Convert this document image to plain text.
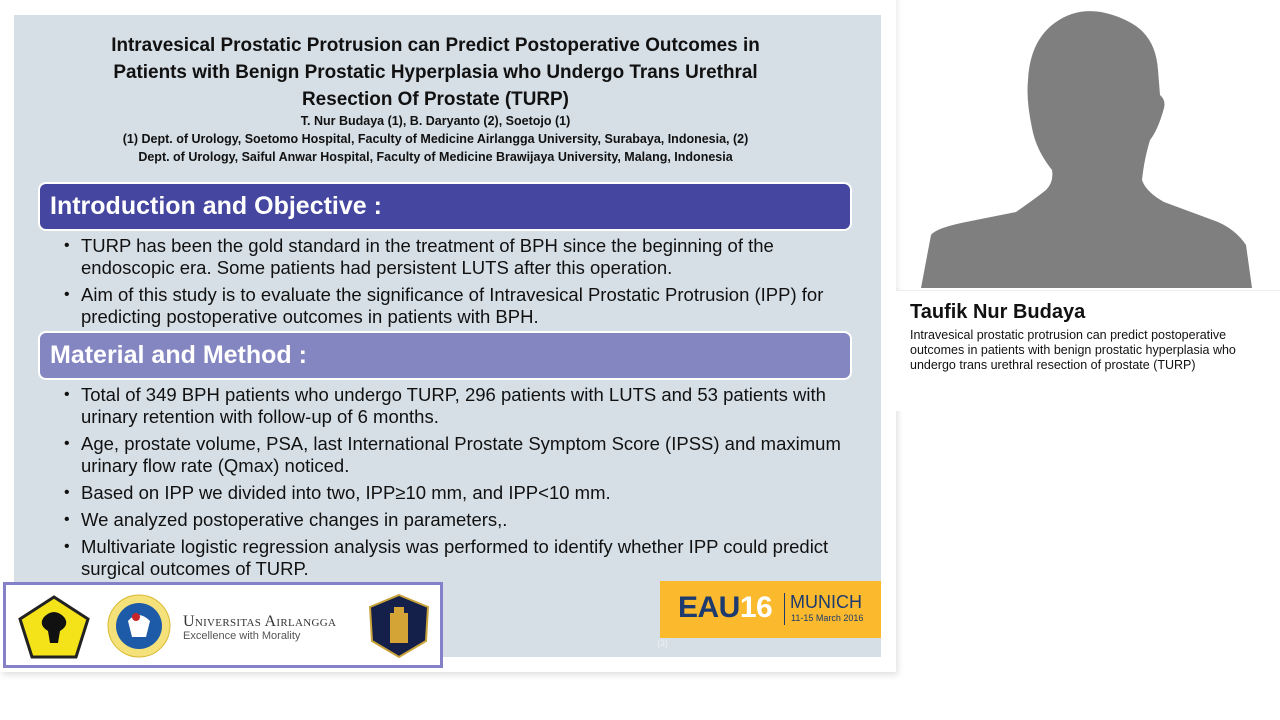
Intravesical Prostatic Protrusion can Predict Postoperative Outcomes in
Patients with Benign Prostatic Hyperplasia who Undergo Trans Urethral
Resection Of Prostate (TURP)
T. Nur Budaya (1), B. Daryanto (2), Soetojo (1)
(1) Dept. of Urology, Soetomo Hospital, Faculty of Medicine Airlangga University, Surabaya, Indonesia, (2)
Dept. of Urology, Saiful Anwar Hospital, Faculty of Medicine Brawijaya University, Malang, Indonesia
Introduction and Objective :
• TURP has been the gold standard in the treatment of BPH since the beginning of the endoscopic era. Some patients had persistent LUTS after this operation.
• Aim of this study is to evaluate the significance of Intravesical Prostatic Protrusion (IPP) for predicting postoperative outcomes in patients with BPH.
Material and Method :
• Total of 349 BPH patients who undergo TURP, 296 patients with LUTS and 53 patients with urinary retention with follow-up of 6 months.
• Age, prostate volume, PSA, last International Prostate Symptom Score (IPSS) and maximum urinary flow rate (Qmax) noticed.
• Based on IPP we divided into two, IPP≥10 mm, and IPP<10 mm.
• We analyzed postoperative changes in parameters,.
• Multivariate logistic regression analysis was performed to identify whether IPP could predict surgical outcomes of TURP.
(3)
EAU16 MUNICH
11-15 March 2016
Universitas Airlangga
Excellence with Morality
Taufik Nur Budaya
Intravesical prostatic protrusion can predict postoperative outcomes in patients with benign prostatic hyperplasia who undergo trans urethral resection of prostate (TURP)
